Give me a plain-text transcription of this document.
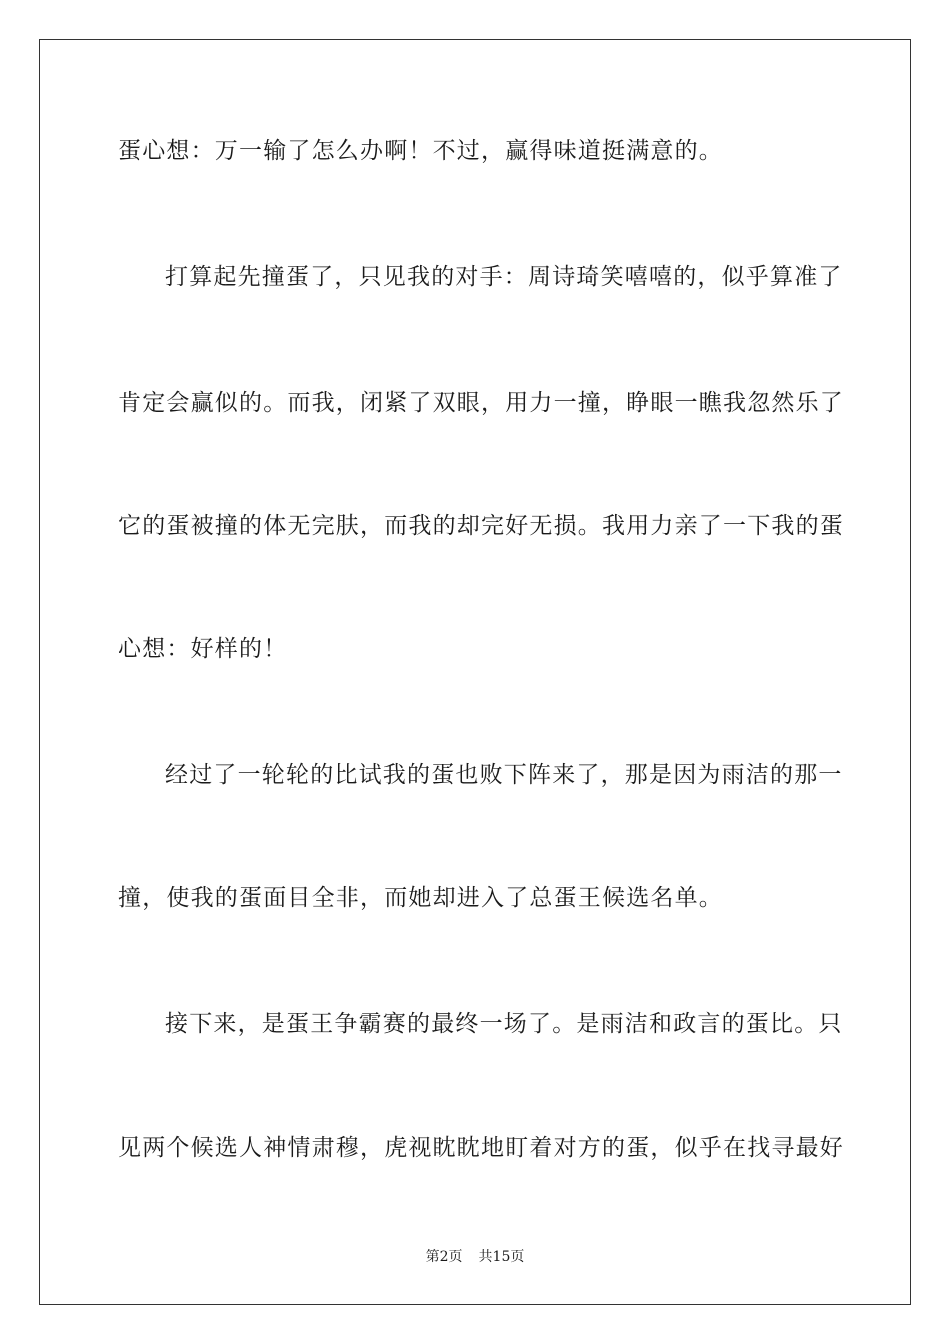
蛋心想：万一输了怎么办啊！不过，赢得味道挺满意的。
打算起先撞蛋了，只见我的对手：周诗琦笑嘻嘻的，似乎算准了
肯定会赢似的。而我，闭紧了双眼，用力一撞，睁眼一瞧我忽然乐了
它的蛋被撞的体无完肤，而我的却完好无损。我用力亲了一下我的蛋
心想：好样的！
经过了一轮轮的比试我的蛋也败下阵来了，那是因为雨洁的那一
撞，使我的蛋面目全非，而她却进入了总蛋王候选名单。
接下来，是蛋王争霸赛的最终一场了。是雨洁和政言的蛋比。只
见两个候选人神情肃穆，虎视眈眈地盯着对方的蛋，似乎在找寻最好
第2页 共15页
